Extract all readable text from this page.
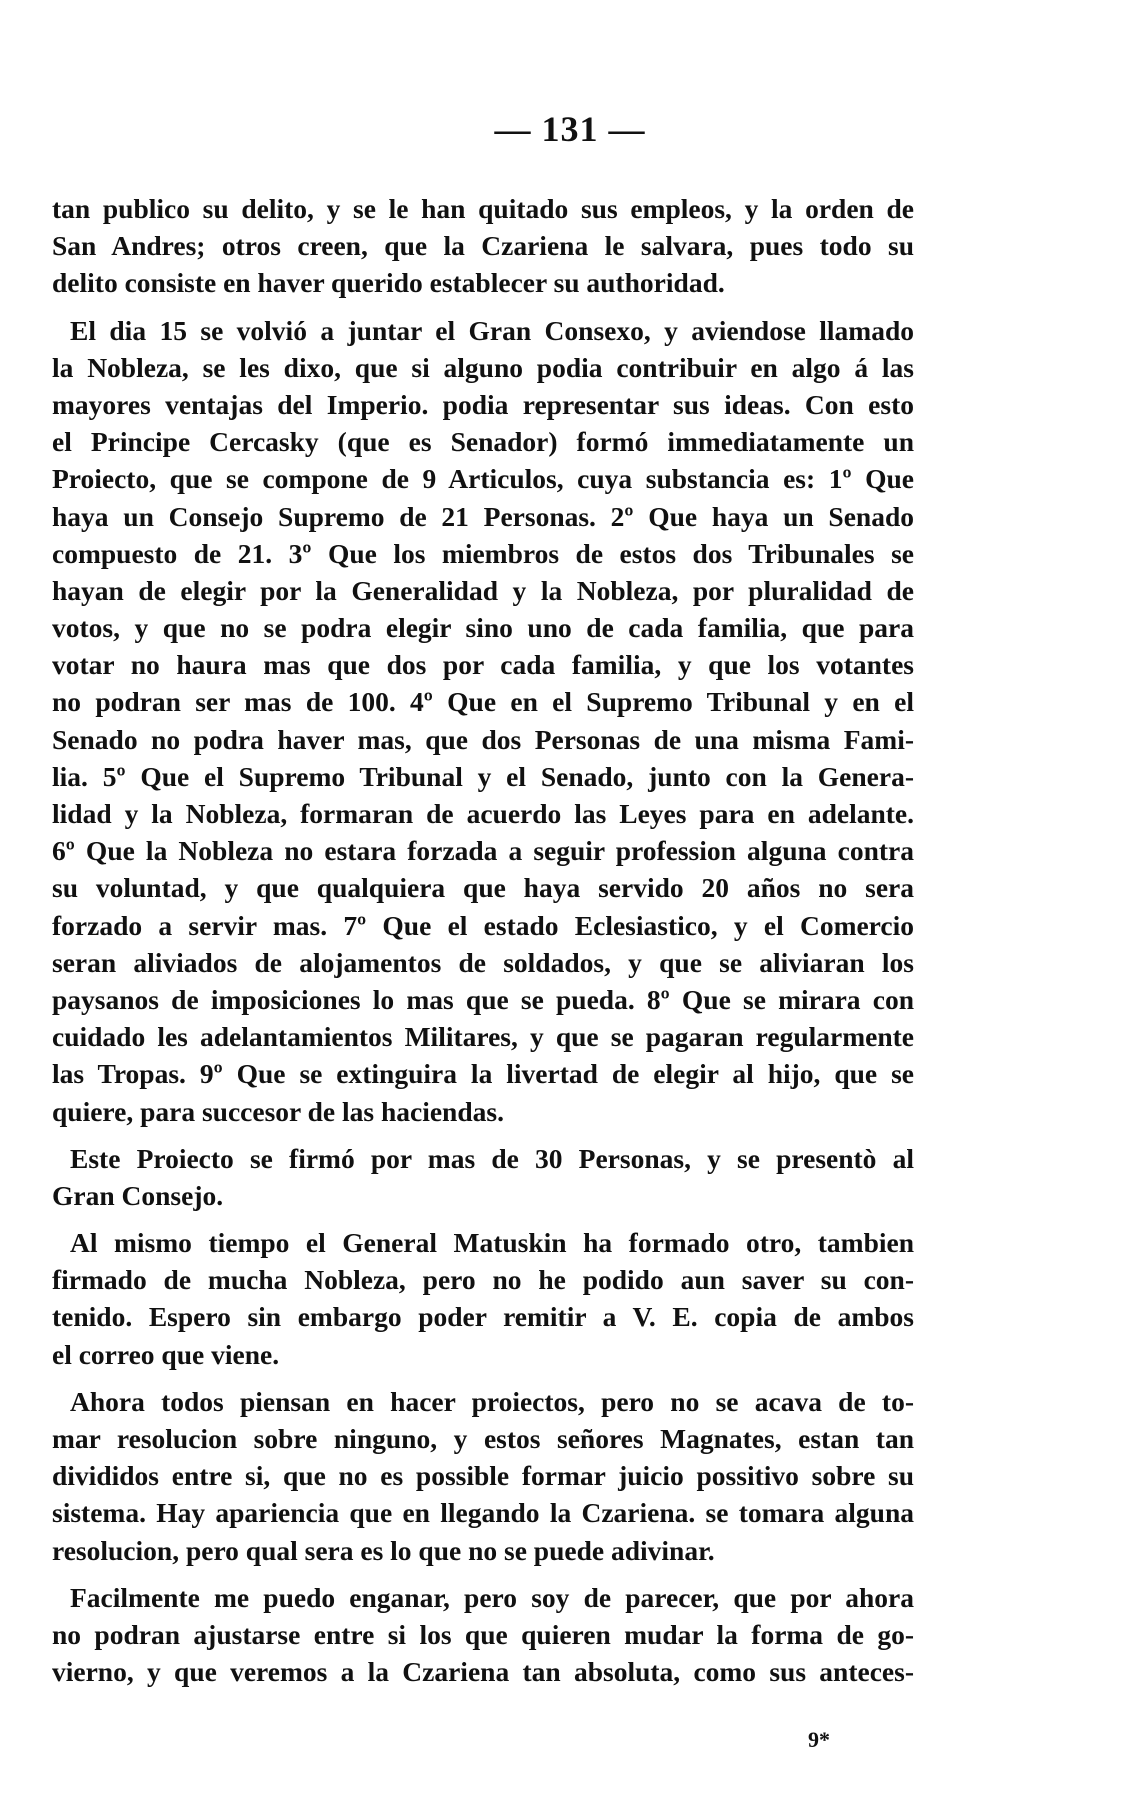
— 131 —
tan publico su delito, y se le han quitado sus empleos, y la orden de
San Andres; otros creen, que la Czariena le salvara, pues todo su
delito consiste en haver querido establecer su authoridad.
El dia 15 se volvió a juntar el Gran Consexo, y aviendose llamado
la Nobleza, se les dixo, que si alguno podia contribuir en algo á las
mayores ventajas del Imperio. podia representar sus ideas. Con esto
el Principe Cercasky (que es Senador) formó immediatamente un
Proiecto, que se compone de 9 Articulos, cuya substancia es: 1º Que
haya un Consejo Supremo de 21 Personas. 2º Que haya un Senado
compuesto de 21. 3º Que los miembros de estos dos Tribunales se
hayan de elegir por la Generalidad y la Nobleza, por pluralidad de
votos, y que no se podra elegir sino uno de cada familia, que para
votar no haura mas que dos por cada familia, y que los votantes
no podran ser mas de 100. 4º Que en el Supremo Tribunal y en el
Senado no podra haver mas, que dos Personas de una misma Fami-
lia. 5º Que el Supremo Tribunal y el Senado, junto con la Genera-
lidad y la Nobleza, formaran de acuerdo las Leyes para en adelante.
6º Que la Nobleza no estara forzada a seguir profession alguna contra
su voluntad, y que qualquiera que haya servido 20 años no sera
forzado a servir mas. 7º Que el estado Eclesiastico, y el Comercio
seran aliviados de alojamentos de soldados, y que se aliviaran los
paysanos de imposiciones lo mas que se pueda. 8º Que se mirara con
cuidado les adelantamientos Militares, y que se pagaran regularmente
las Tropas. 9º Que se extinguira la livertad de elegir al hijo, que se
quiere, para succesor de las haciendas.
Este Proiecto se firmó por mas de 30 Personas, y se presentò al
Gran Consejo.
Al mismo tiempo el General Matuskin ha formado otro, tambien
firmado de mucha Nobleza, pero no he podido aun saver su con-
tenido. Espero sin embargo poder remitir a V. E. copia de ambos
el correo que viene.
Ahora todos piensan en hacer proiectos, pero no se acava de to-
mar resolucion sobre ninguno, y estos señores Magnates, estan tan
divididos entre si, que no es possible formar juicio possitivo sobre su
sistema. Hay apariencia que en llegando la Czariena. se tomara alguna
resolucion, pero qual sera es lo que no se puede adivinar.
Facilmente me puedo enganar, pero soy de parecer, que por ahora
no podran ajustarse entre si los que quieren mudar la forma de go-
vierno, y que veremos a la Czariena tan absoluta, como sus anteces-
9*
